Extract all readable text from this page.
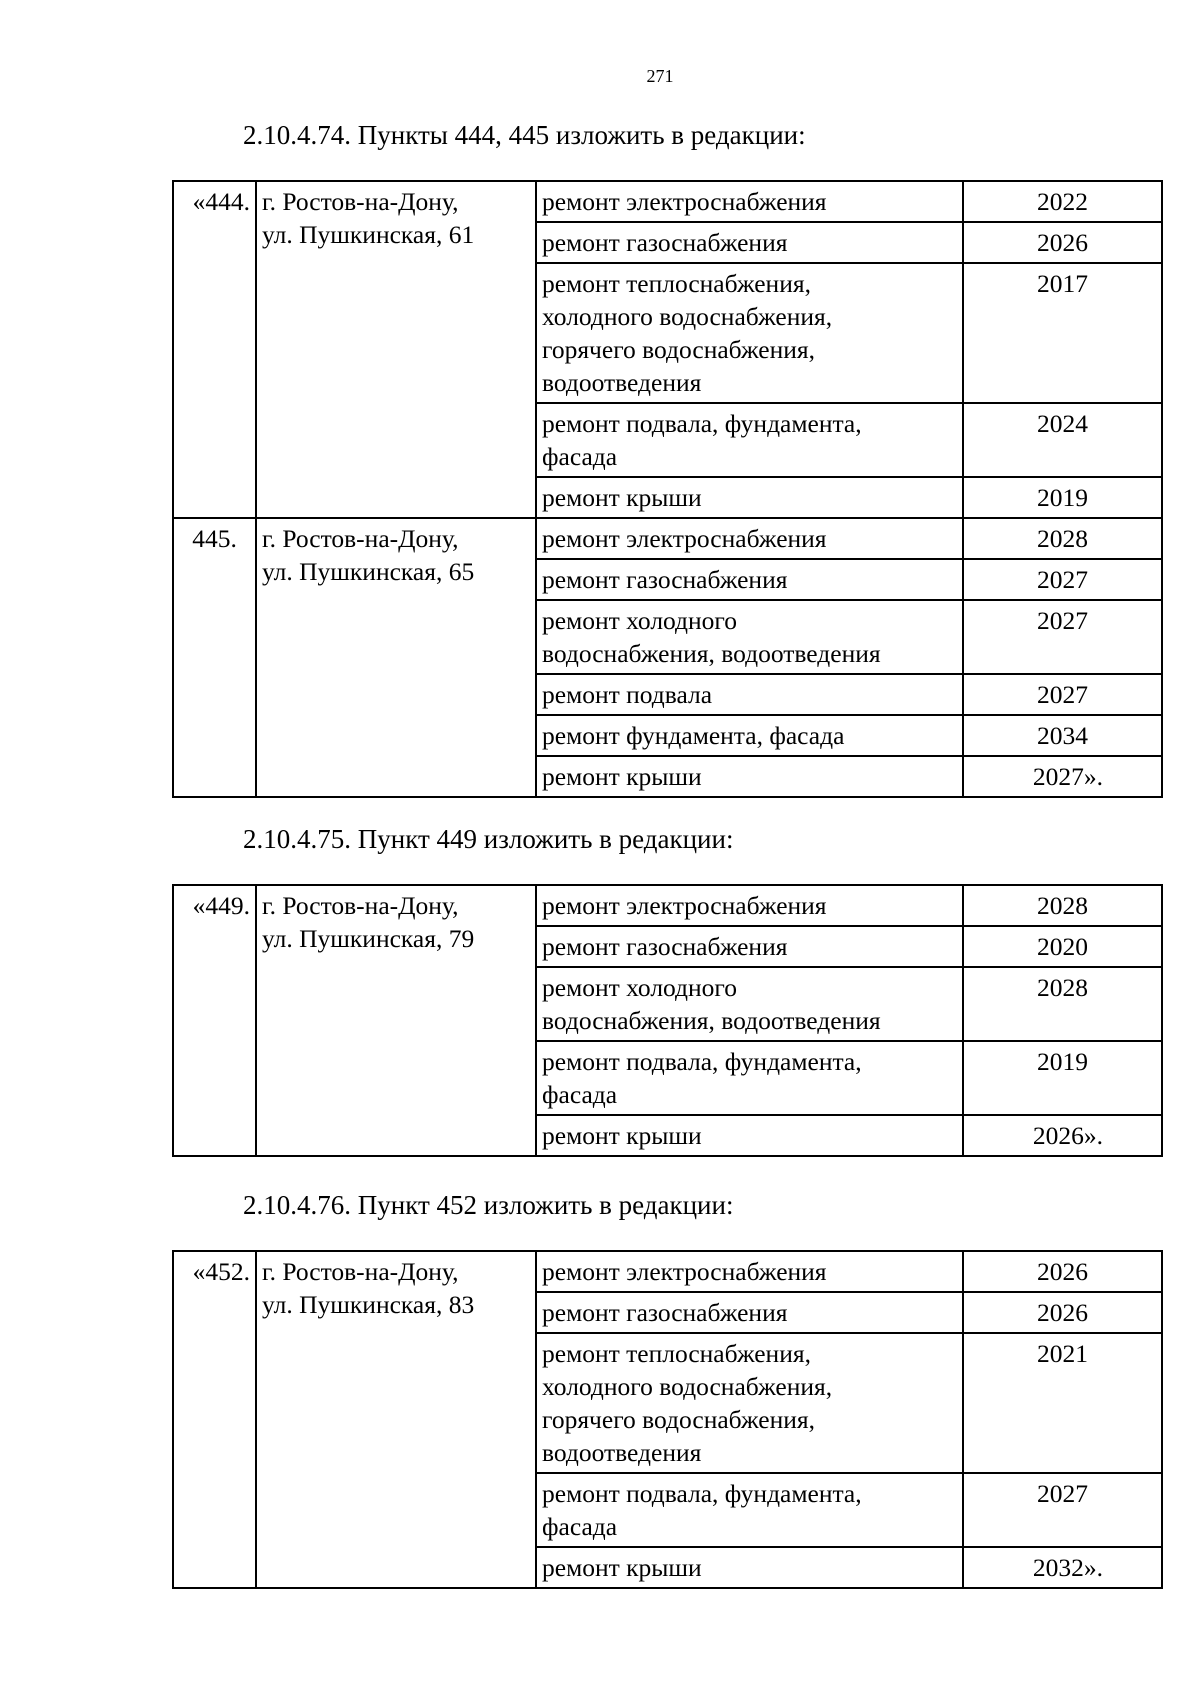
271
2.10.4.74. Пункты 444, 445 изложить в редакции:
«444.	г. Ростов-на-Дону,
ул. Пушкинская, 61	ремонт электроснабжения	2022

		ремонт газоснабжения	2026

		ремонт теплоснабжения,
холодного водоснабжения,
горячего водоснабжения,
водоотведения	2017

		ремонт подвала, фундамента,
фасада	2024

		ремонт крыши	2019
445.	г. Ростов-на-Дону,
ул. Пушкинская, 65	ремонт электроснабжения	2028

		ремонт газоснабжения	2027

		ремонт холодного
водоснабжения, водоотведения	2027

		ремонт подвала	2027

		ремонт фундамента, фасада	2034

		ремонт крыши	2027».
2.10.4.75. Пункт 449 изложить в редакции:
«449.	г. Ростов-на-Дону,
ул. Пушкинская, 79	ремонт электроснабжения	2028

		ремонт газоснабжения	2020

		ремонт холодного
водоснабжения, водоотведения	2028

		ремонт подвала, фундамента,
фасада	2019

		ремонт крыши	2026».
2.10.4.76. Пункт 452 изложить в редакции:
«452.	г. Ростов-на-Дону,
ул. Пушкинская, 83	ремонт электроснабжения	2026

		ремонт газоснабжения	2026

		ремонт теплоснабжения,
холодного водоснабжения,
горячего водоснабжения,
водоотведения	2021

		ремонт подвала, фундамента,
фасада	2027

		ремонт крыши	2032».
